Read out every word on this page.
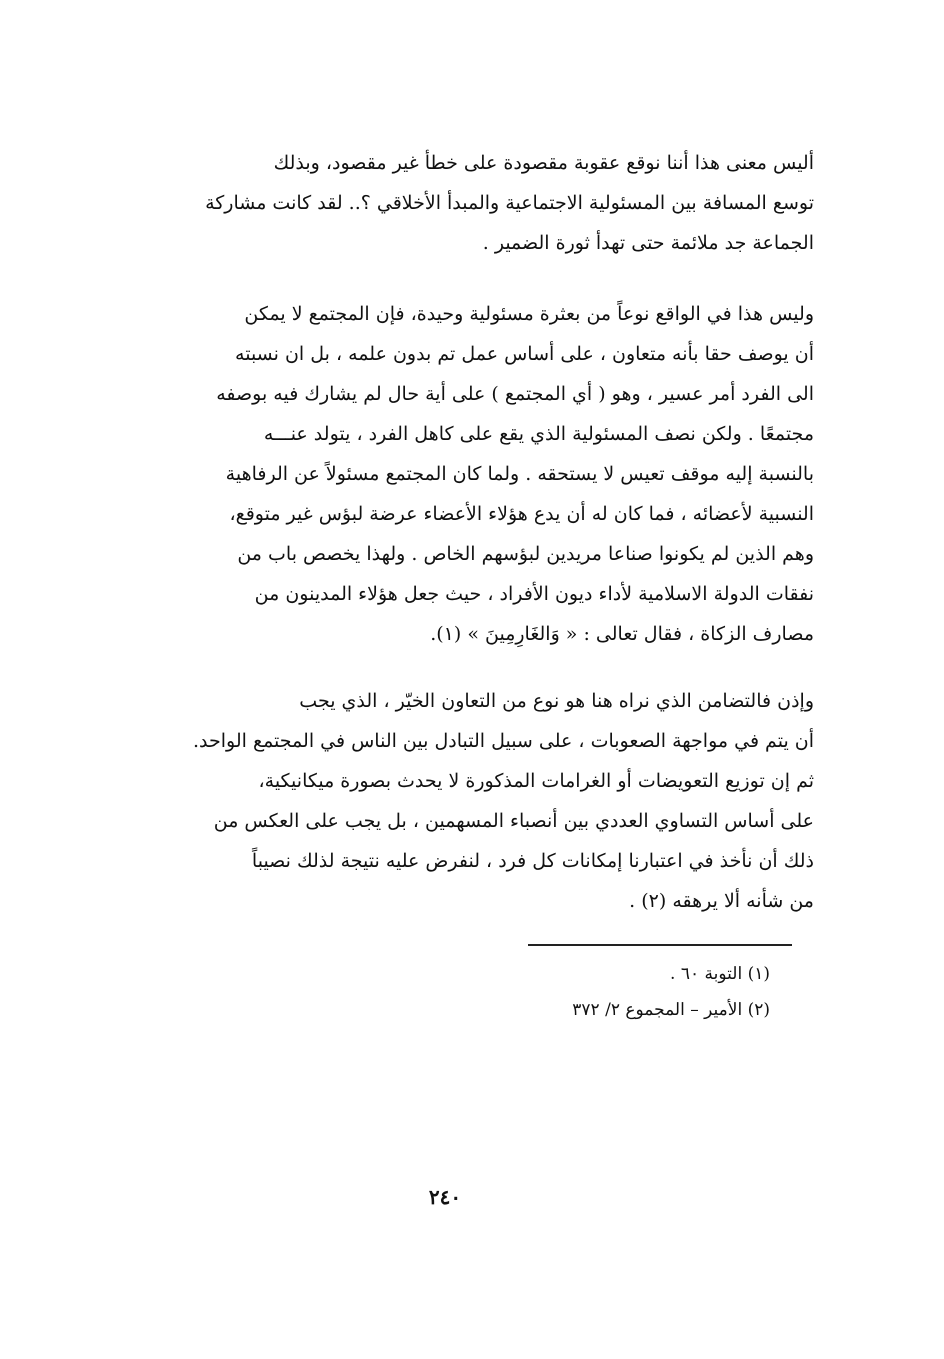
أليس معنى هذا أننا نوقع عقوبة مقصودة على خطأ غير مقصود، وبذلك
توسع المسافة بين المسئولية الاجتماعية والمبدأ الأخلاقي ؟.. لقد كانت مشاركة
الجماعة جد ملائمة حتى تهدأ ثورة الضمير .
وليس هذا في الواقع نوعاً من بعثرة مسئولية وحيدة، فإن المجتمع لا يمكن
أن يوصف حقا بأنه متعاون ، على أساس عمل تم بدون علمه ، بل ان نسبته
الى الفرد أمر عسير ، وهو ( أي المجتمع ) على أية حال لم يشارك فيه بوصفه
مجتمعًا . ولكن نصف المسئولية الذي يقع على كاهل الفرد ، يتولد عنـــه
بالنسبة إليه موقف تعيس لا يستحقه . ولما كان المجتمع مسئولاً عن الرفاهية
النسبية لأعضائه ، فما كان له أن يدع هؤلاء الأعضاء عرضة لبؤس غير متوقع،
وهم الذين لم يكونوا صناعا مريدين لبؤسهم الخاص . ولهذا يخصص باب من
نفقات الدولة الاسلامية لأداء ديون الأفراد ، حيث جعل هؤلاء المدينون من
مصارف الزكاة ، فقال تعالى : « وَالغَارِمِينَ » (١).
وإذن فالتضامن الذي نراه هنا هو نوع من التعاون الخيّر ، الذي يجب
أن يتم في مواجهة الصعوبات ، على سبيل التبادل بين الناس في المجتمع الواحد.
ثم إن توزيع التعويضات أو الغرامات المذكورة لا يحدث بصورة ميكانيكية،
على أساس التساوي العددي بين أنصباء المسهمين ، بل يجب على العكس من
ذلك أن نأخذ في اعتبارنا إمكانات كل فرد ، لنفرض عليه نتيجة لذلك نصيباً
من شأنه ألا يرهقه (٢) .
(١) التوبة ٦٠ .
(٢) الأمير – المجموع ٢/ ٣٧٢
٢٤٠
